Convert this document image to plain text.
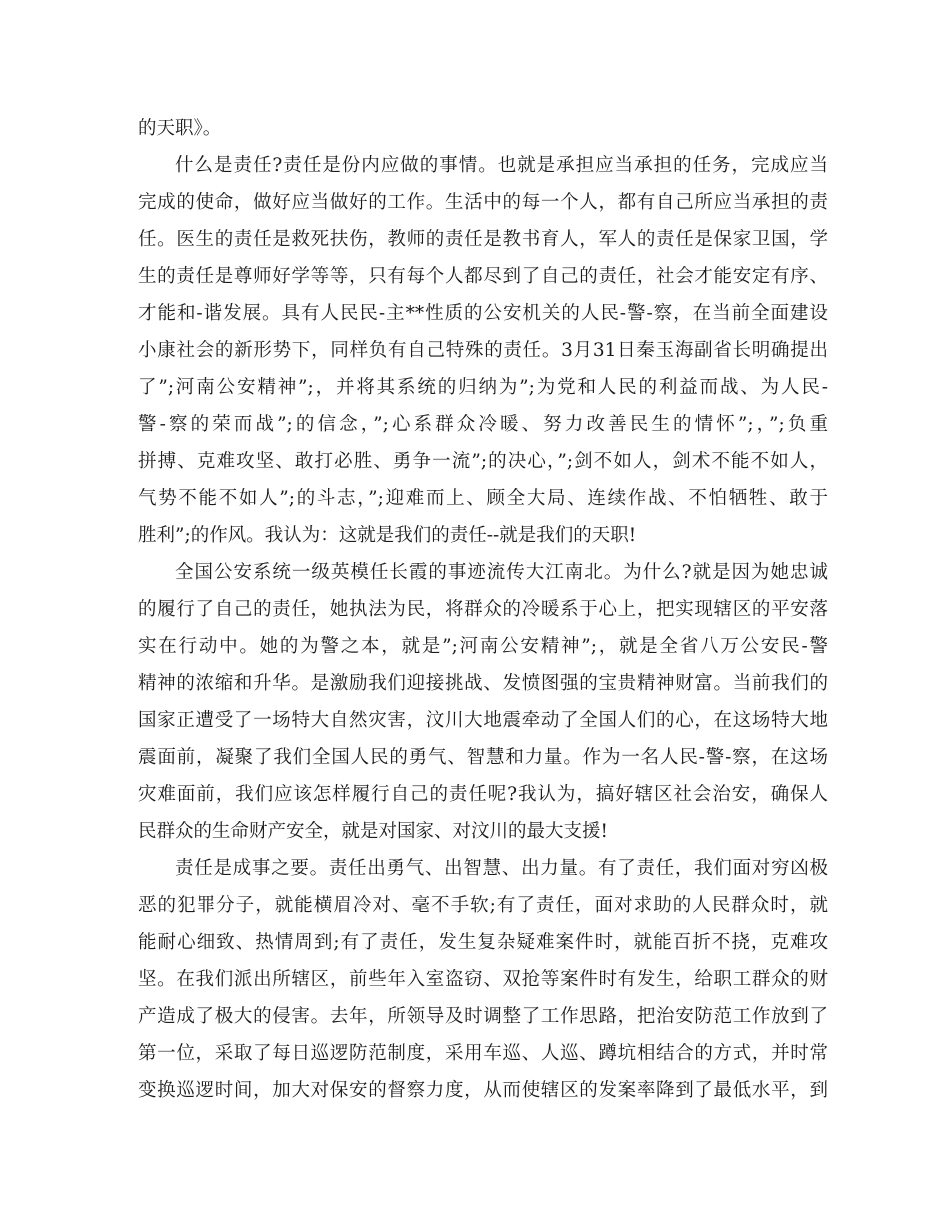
的天职》。
什么是责任?责任是份内应做的事情。也就是承担应当承担的任务，完成应当
完成的使命，做好应当做好的工作。生活中的每一个人，都有自己所应当承担的责
任。医生的责任是救死扶伤，教师的责任是教书育人，军人的责任是保家卫国，学
生的责任是尊师好学等等，只有每个人都尽到了自己的责任，社会才能安定有序、
才能和-谐发展。具有人民民-主**性质的公安机关的人民-警-察，在当前全面建设
小康社会的新形势下，同样负有自己特殊的责任。3月31日秦玉海副省长明确提出
了”;河南公安精神”;，并将其系统的归纳为”;为党和人民的利益而战、为人民-
警-察的荣而战”;的信念，”;心系群众冷暖、努力改善民生的情怀”;，”;负重
拼搏、克难攻坚、敢打必胜、勇争一流”;的决心，”;剑不如人，剑术不能不如人，
气势不能不如人”;的斗志，”;迎难而上、顾全大局、连续作战、不怕牺牲、敢于
胜利”;的作风。我认为：这就是我们的责任--就是我们的天职!
全国公安系统一级英模任长霞的事迹流传大江南北。为什么?就是因为她忠诚
的履行了自己的责任，她执法为民，将群众的冷暖系于心上，把实现辖区的平安落
实在行动中。她的为警之本，就是”;河南公安精神”;，就是全省八万公安民-警
精神的浓缩和升华。是激励我们迎接挑战、发愤图强的宝贵精神财富。当前我们的
国家正遭受了一场特大自然灾害，汶川大地震牵动了全国人们的心，在这场特大地
震面前，凝聚了我们全国人民的勇气、智慧和力量。作为一名人民-警-察，在这场
灾难面前，我们应该怎样履行自己的责任呢?我认为，搞好辖区社会治安，确保人
民群众的生命财产安全，就是对国家、对汶川的最大支援!
责任是成事之要。责任出勇气、出智慧、出力量。有了责任，我们面对穷凶极
恶的犯罪分子，就能横眉冷对、毫不手软;有了责任，面对求助的人民群众时，就
能耐心细致、热情周到;有了责任，发生复杂疑难案件时，就能百折不挠，克难攻
坚。在我们派出所辖区，前些年入室盗窃、双抢等案件时有发生，给职工群众的财
产造成了极大的侵害。去年，所领导及时调整了工作思路，把治安防范工作放到了
第一位，采取了每日巡逻防范制度，采用车巡、人巡、蹲坑相结合的方式，并时常
变换巡逻时间，加大对保安的督察力度，从而使辖区的发案率降到了最低水平，到
